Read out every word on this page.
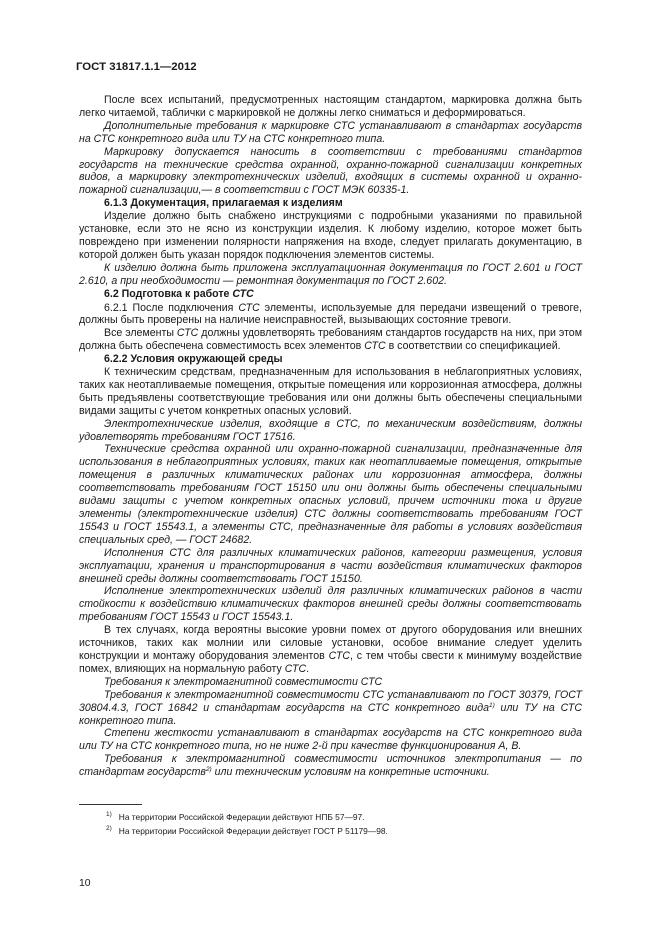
ГОСТ 31817.1.1—2012

После всех испытаний, предусмотренных настоящим стандартом, маркировка должна быть легко читаемой, таблички с маркировкой не должны легко сниматься и деформироваться.

Дополнительные требования к маркировке СТС устанавливают в стандартах государств на СТС конкретного вида или ТУ на СТС конкретного типа.

Маркировку допускается наносить в соответствии с требованиями стандартов государств на технические средства охранной, охранно-пожарной сигнализации конкретных видов, а маркировку электротехнических изделий, входящих в системы охранной и охранно-пожарной сигнализации,— в соответствии с ГОСТ МЭК 60335-1.

6.1.3 Документация, прилагаемая к изделиям

Изделие должно быть снабжено инструкциями с подробными указаниями по правильной установке, если это не ясно из конструкции изделия. К любому изделию, которое может быть повреждено при изменении полярности напряжения на входе, следует прилагать документацию, в которой должен быть указан порядок подключения элементов системы.

К изделию должна быть приложена эксплуатационная документация по ГОСТ 2.601 и ГОСТ 2.610, а при необходимости — ремонтная документация по ГОСТ 2.602.

6.2 Подготовка к работе СТС

6.2.1 После подключения СТС элементы, используемые для передачи извещений о тревоге, должны быть проверены на наличие неисправностей, вызывающих состояние тревоги.

Все элементы СТС должны удовлетворять требованиям стандартов государств на них, при этом должна быть обеспечена совместимость всех элементов СТС в соответствии со спецификацией.

6.2.2 Условия окружающей среды

К техническим средствам, предназначенным для использования в неблагоприятных условиях, таких как неотапливаемые помещения, открытые помещения или коррозионная атмосфера, должны быть предъявлены соответствующие требования или они должны быть обеспечены специальными видами защиты с учетом конкретных опасных условий.

Электротехнические изделия, входящие в СТС, по механическим воздействиям, должны удовлетворять требованиям ГОСТ 17516.

Технические средства охранной или охранно-пожарной сигнализации, предназначенные для использования в неблагоприятных условиях, таких как неотапливаемые помещения, открытые помещения в различных климатических районах или коррозионная атмосфера, должны соответствовать требованиям ГОСТ 15150 или они должны быть обеспечены специальными видами защиты с учетом конкретных опасных условий, причем источники тока и другие элементы (электротехнические изделия) СТС должны соответствовать требованиям ГОСТ 15543 и ГОСТ 15543.1, а элементы СТС, предназначенные для работы в условиях воздействия специальных сред, — ГОСТ 24682.

Исполнения СТС для различных климатических районов, категории размещения, условия эксплуатации, хранения и транспортирования в части воздействия климатических факторов внешней среды должны соответствовать ГОСТ 15150.

Исполнение электротехнических изделий для различных климатических районов в части стойкости к воздействию климатических факторов внешней среды должны соответствовать требованиям ГОСТ 15543 и ГОСТ 15543.1.

В тех случаях, когда вероятны высокие уровни помех от другого оборудования или внешних источников, таких как молнии или силовые установки, особое внимание следует уделить конструкции и монтажу оборудования элементов СТС, с тем чтобы свести к минимуму воздействие помех, влияющих на нормальную работу СТС.

Требования к электромагнитной совместимости СТС

Требования к электромагнитной совместимости СТС устанавливают по ГОСТ 30379, ГОСТ 30804.4.3, ГОСТ 16842 и стандартам государств на СТС конкретного вида$^{1)}$ или ТУ на СТС конкретного типа.

Степени жесткости устанавливают в стандартах государств на СТС конкретного вида или ТУ на СТС конкретного типа, но не ниже 2-й при качестве функционирования А, В.

Требования к электромагнитной совместимости источников электропитания — по стандартам государств$^{2)}$ или техническим условиям на конкретные источники.

$^{1)}$ На территории Российской Федерации действуют НПБ 57—97.

$^{2)}$ На территории Российской Федерации действует ГОСТ Р 51179—98.

10
